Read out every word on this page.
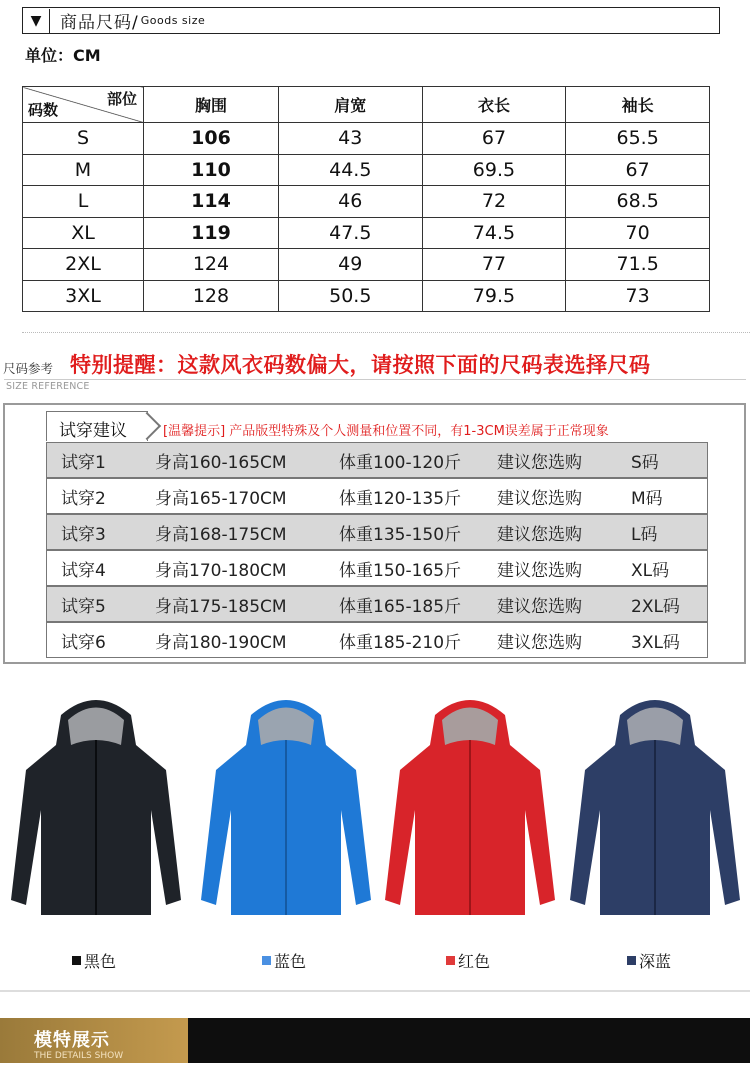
▼	商品尺码/ Goods size
单位：CM
部位
码数	胸围	肩宽	衣长	袖长
S	106	43	67	65.5
M	110	44.5	69.5	67
L	114	46	72	68.5
XL	119	47.5	74.5	70
2XL	124	49	77	71.5
3XL	128	50.5	79.5	73
尺码参考
SIZE REFERENCE
特别提醒：这款风衣码数偏大，请按照下面的尺码表选择尺码
试穿建议	[温馨提示] 产品版型特殊及个人测量和位置不同，有1-3CM误差属于正常现象
试穿1	身高160-165CM	体重100-120斤	建议您选购	S码
试穿2	身高165-170CM	体重120-135斤	建议您选购	M码
试穿3	身高168-175CM	体重135-150斤	建议您选购	L码
试穿4	身高170-180CM	体重150-165斤	建议您选购	XL码
试穿5	身高175-185CM	体重165-185斤	建议您选购	2XL码
试穿6	身高180-190CM	体重185-210斤	建议您选购	3XL码
黑色	蓝色	红色	深蓝
模特展示
THE DETAILS SHOW
